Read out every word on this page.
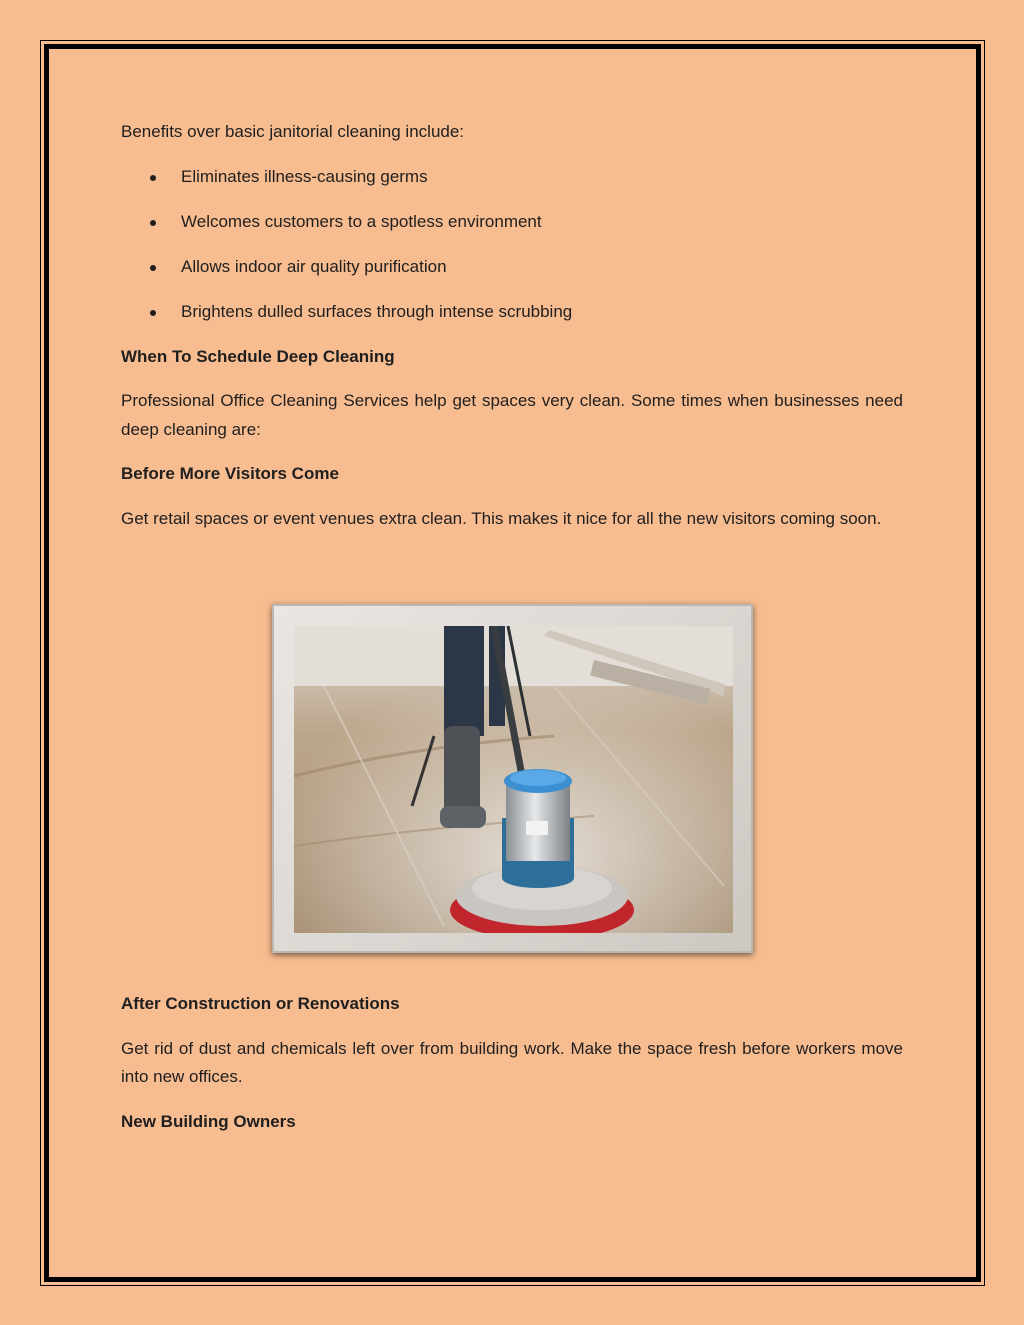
Benefits over basic janitorial cleaning include:

Eliminates illness-causing germs
Welcomes customers to a spotless environment
Allows indoor air quality purification
Brightens dulled surfaces through intense scrubbing

When To Schedule Deep Cleaning

Professional Office Cleaning Services help get spaces very clean. Some times when businesses need deep cleaning are:

Before More Visitors Come

Get retail spaces or event venues extra clean. This makes it nice for all the new visitors coming soon.

After Construction or Renovations

Get rid of dust and chemicals left over from building work. Make the space fresh before workers move into new offices.

New Building Owners
